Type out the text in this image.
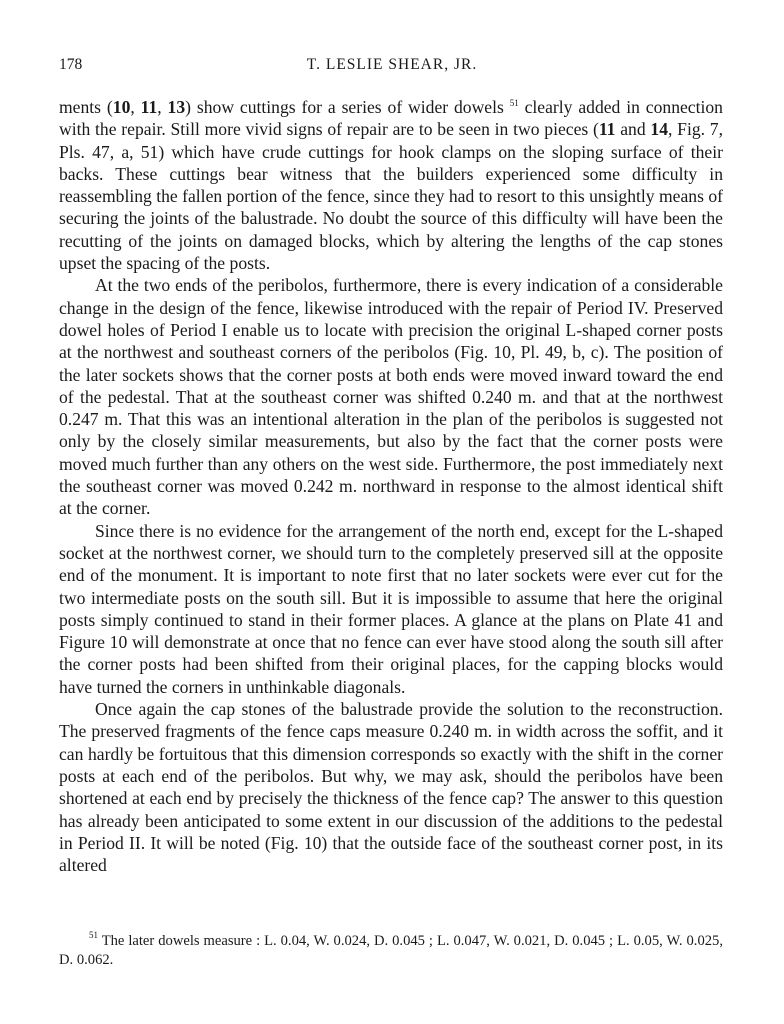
178	T. LESLIE SHEAR, JR.

ments (10, 11, 13) show cuttings for a series of wider dowels $^{51}$ clearly added in connection with the repair. Still more vivid signs of repair are to be seen in two pieces (11 and 14, Fig. 7, Pls. 47, a, 51) which have crude cuttings for hook clamps on the sloping surface of their backs. These cuttings bear witness that the builders experienced some difficulty in reassembling the fallen portion of the fence, since they had to resort to this unsightly means of securing the joints of the balustrade. No doubt the source of this difficulty will have been the recutting of the joints on damaged blocks, which by altering the lengths of the cap stones upset the spacing of the posts.

At the two ends of the peribolos, furthermore, there is every indication of a considerable change in the design of the fence, likewise introduced with the repair of Period IV. Preserved dowel holes of Period I enable us to locate with precision the original L-shaped corner posts at the northwest and southeast corners of the peribolos (Fig. 10, Pl. 49, b, c). The position of the later sockets shows that the corner posts at both ends were moved inward toward the end of the pedestal. That at the southeast corner was shifted 0.240 m. and that at the northwest 0.247 m. That this was an intentional alteration in the plan of the peribolos is suggested not only by the closely similar measurements, but also by the fact that the corner posts were moved much further than any others on the west side. Furthermore, the post immediately next the southeast corner was moved 0.242 m. northward in response to the almost identical shift at the corner.

Since there is no evidence for the arrangement of the north end, except for the L-shaped socket at the northwest corner, we should turn to the completely preserved sill at the opposite end of the monument. It is important to note first that no later sockets were ever cut for the two intermediate posts on the south sill. But it is impossible to assume that here the original posts simply continued to stand in their former places. A glance at the plans on Plate 41 and Figure 10 will demonstrate at once that no fence can ever have stood along the south sill after the corner posts had been shifted from their original places, for the capping blocks would have turned the corners in unthinkable diagonals.

Once again the cap stones of the balustrade provide the solution to the reconstruction. The preserved fragments of the fence caps measure 0.240 m. in width across the soffit, and it can hardly be fortuitous that this dimension corresponds so exactly with the shift in the corner posts at each end of the peribolos. But why, we may ask, should the peribolos have been shortened at each end by precisely the thickness of the fence cap? The answer to this question has already been anticipated to some extent in our discussion of the additions to the pedestal in Period II. It will be noted (Fig. 10) that the outside face of the southeast corner post, in its altered

$^{51}$ The later dowels measure : L. 0.04, W. 0.024, D. 0.045 ; L. 0.047, W. 0.021, D. 0.045 ; L. 0.05, W. 0.025, D. 0.062.
